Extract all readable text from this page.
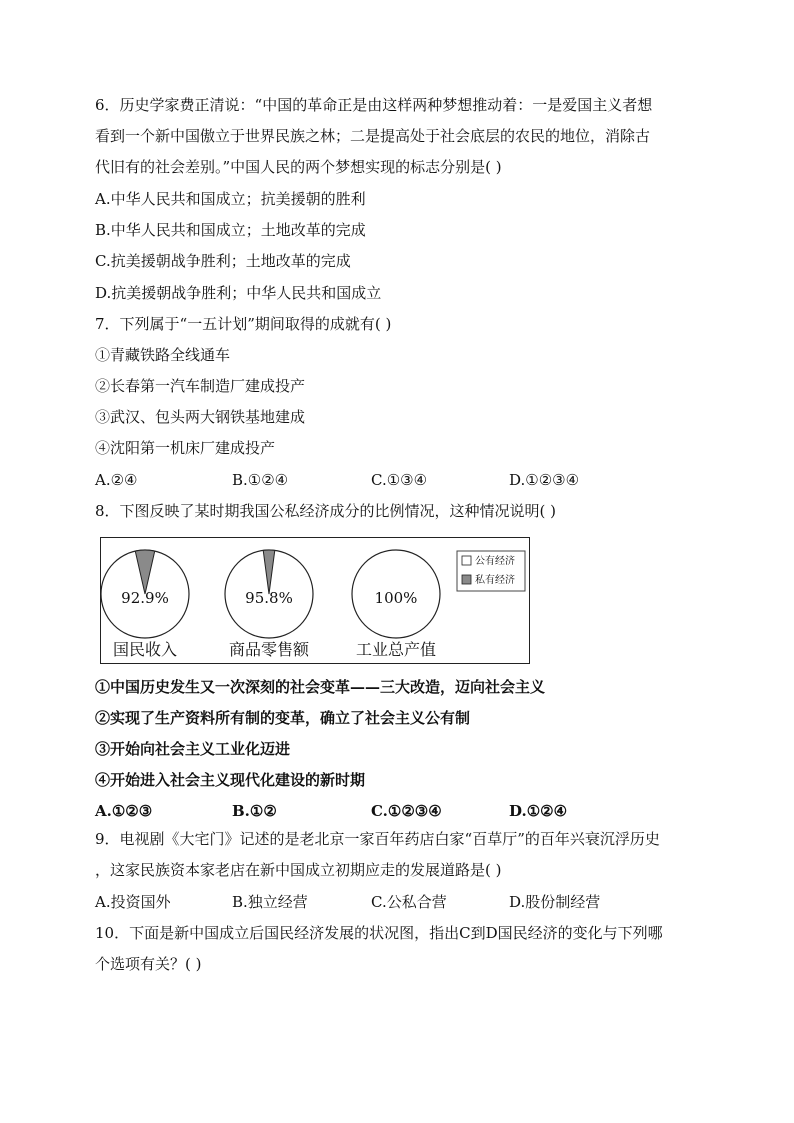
6．历史学家费正清说：“中国的革命正是由这样两种梦想推动着：一是爱国主义者想
看到一个新中国傲立于世界民族之林；二是提高处于社会底层的农民的地位，消除古
代旧有的社会差别。”中国人民的两个梦想实现的标志分别是( )
A.中华人民共和国成立；抗美援朝的胜利
B.中华人民共和国成立；土地改革的完成
C.抗美援朝战争胜利；土地改革的完成
D.抗美援朝战争胜利；中华人民共和国成立
7．下列属于“一五计划”期间取得的成就有( )
①青藏铁路全线通车
②长春第一汽车制造厂建成投产
③武汉、包头两大钢铁基地建成
④沈阳第一机床厂建成投产
A.②④	B.①②④	C.①③④	D.①②③④
8．下图反映了某时期我国公私经济成分的比例情况，这种情况说明( )
92.9%
国民收入
95.8%
商品零售额
100%
工业总产值
公有经济
私有经济
①中国历史发生又一次深刻的社会变革——三大改造，迈向社会主义
②实现了生产资料所有制的变革，确立了社会主义公有制
③开始向社会主义工业化迈进
④开始进入社会主义现代化建设的新时期
A.①②③	B.①②	C.①②③④	D.①②④
9．电视剧《大宅门》记述的是老北京一家百年药店白家“百草厅”的百年兴衰沉浮历史
，这家民族资本家老店在新中国成立初期应走的发展道路是( )
A.投资国外	B.独立经营	C.公私合营	D.股份制经营
10．下面是新中国成立后国民经济发展的状况图，指出C到D国民经济的变化与下列哪
个选项有关？( )
